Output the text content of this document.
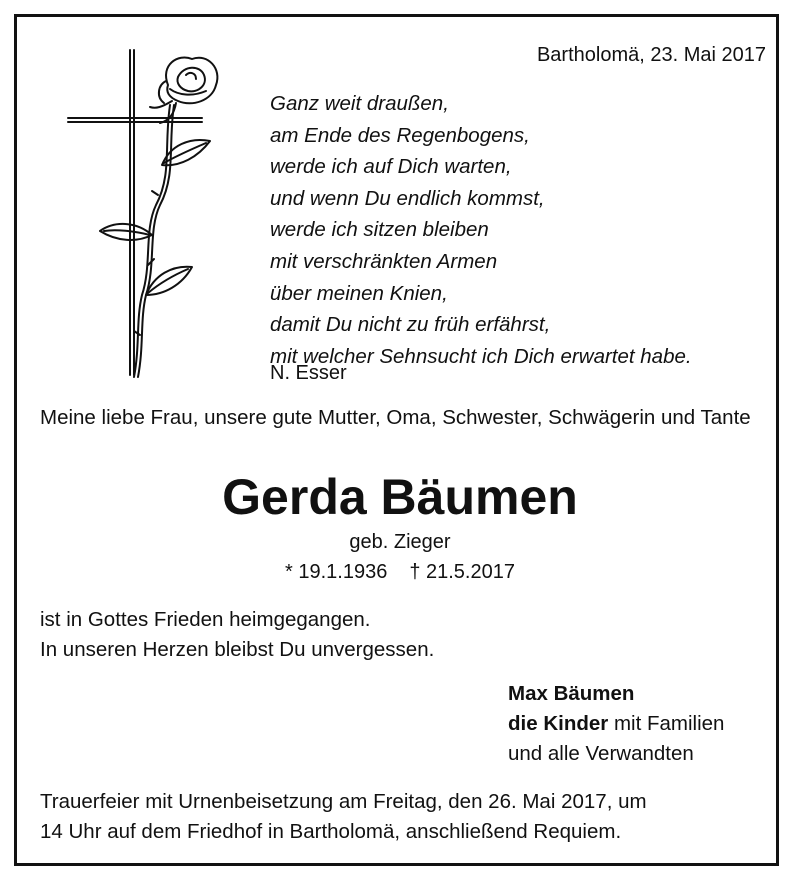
Bartholomä, 23. Mai 2017
Ganz weit draußen,
am Ende des Regenbogens,
werde ich auf Dich warten,
und wenn Du endlich kommst,
werde ich sitzen bleiben
mit verschränkten Armen
über meinen Knien,
damit Du nicht zu früh erfährst,
mit welcher Sehnsucht ich Dich erwartet habe.
N. Esser
Meine liebe Frau, unsere gute Mutter, Oma, Schwester, Schwägerin und Tante
Gerda Bäumen
geb. Zieger
* 19.1.1936 † 21.5.2017
ist in Gottes Frieden heimgegangen.
In unseren Herzen bleibst Du unvergessen.
Max Bäumen
die Kinder mit Familien
und alle Verwandten
Trauerfeier mit Urnenbeisetzung am Freitag, den 26. Mai 2017, um
14 Uhr auf dem Friedhof in Bartholomä, anschließend Requiem.
